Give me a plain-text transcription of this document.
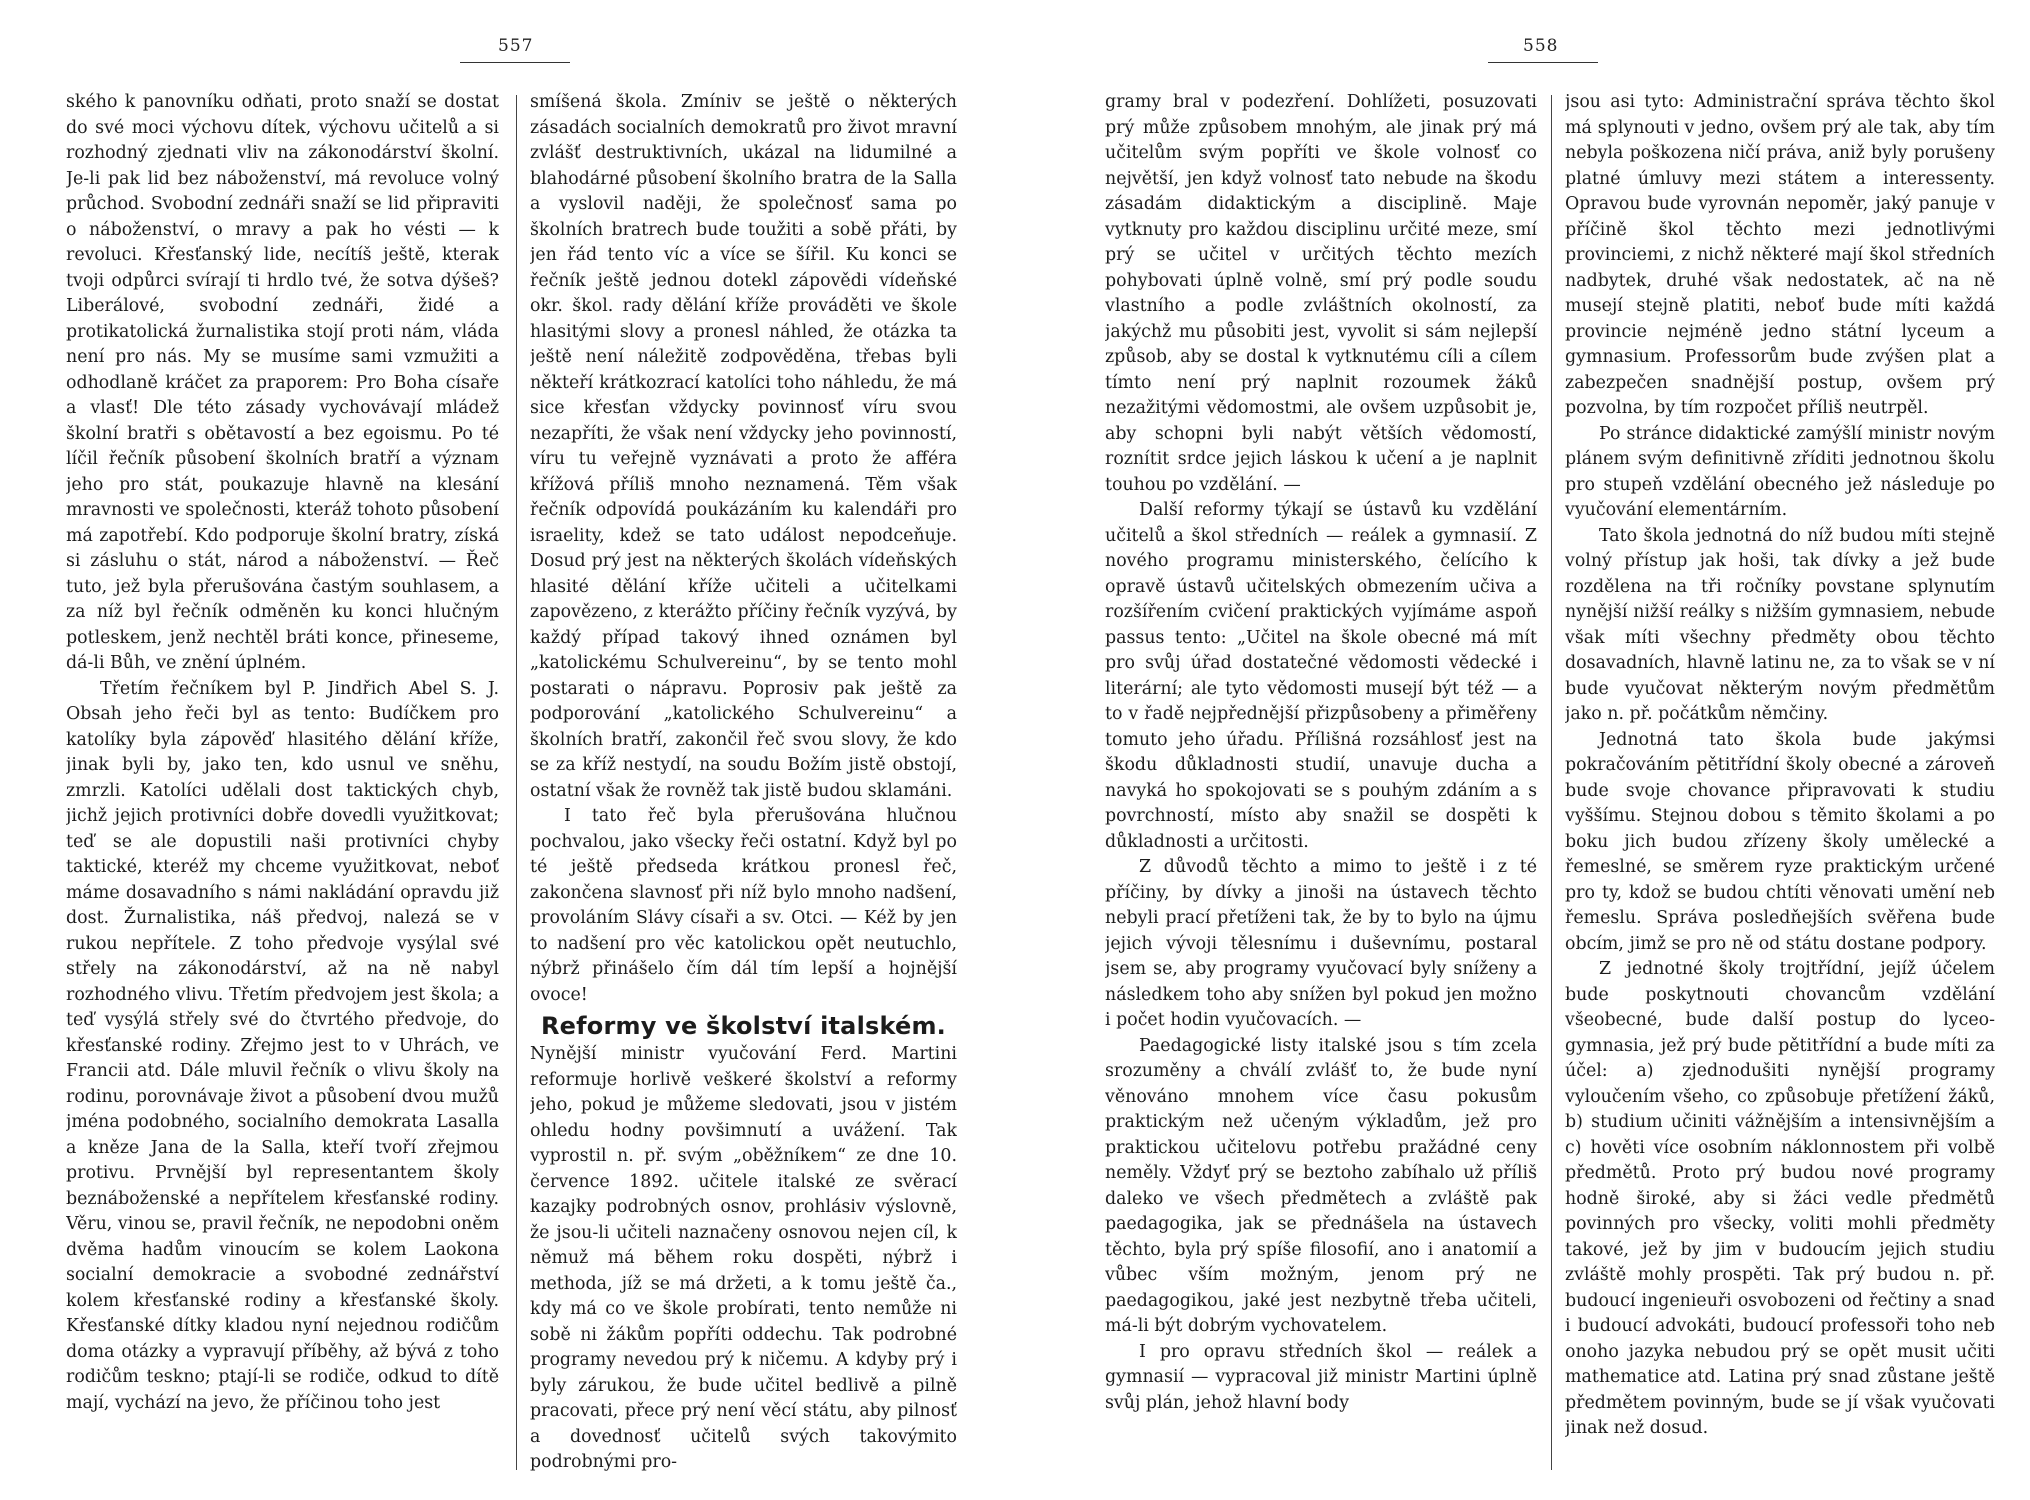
557

ského k panovníku odňati, proto snaží se dostat do své moci výchovu dítek, výchovu učitelů a si rozhodný zjednati vliv na zákonodárství školní. Je-li pak lid bez náboženství, má revoluce volný průchod. Svobodní zednáři snaží se lid připraviti o náboženství, o mravy a pak ho vésti — k revoluci. Křesťanský lide, necítíš ještě, kterak tvoji odpůrci svírají ti hrdlo tvé, že sotva dýšeš? Liberálové, svobodní zednáři, židé a protikatolická žurnalistika stojí proti nám, vláda není pro nás. My se musíme sami vzmužiti a odhodlaně kráčet za praporem: Pro Boha císaře a vlasť! Dle této zásady vychovávají mládež školní bratři s obětavostí a bez egoismu. Po té líčil řečník působení školních bratří a význam jeho pro stát, poukazuje hlavně na klesání mravnosti ve společnosti, kteráž tohoto působení má zapotřebí. Kdo podporuje školní bratry, získá si zásluhu o stát, národ a náboženství. — Řeč tuto, jež byla přerušována častým souhlasem, a za níž byl řečník odměněn ku konci hlučným potleskem, jenž nechtěl bráti konce, přineseme, dá-li Bůh, ve znění úplném.

Třetím řečníkem byl P. Jindřich Abel S. J. Obsah jeho řeči byl as tento: Budíčkem pro katolíky byla zápověď hlasitého dělání kříže, jinak byli by, jako ten, kdo usnul ve sněhu, zmrzli. Katolíci udělali dost taktických chyb, jichž jejich protivníci dobře dovedli využitkovat; teď se ale dopustili naši protivníci chyby taktické, kteréž my chceme využitkovat, neboť máme dosavadního s námi nakládání opravdu již dost. Žurnalistika, náš předvoj, nalezá se v rukou nepřítele. Z toho předvoje vysýlal své střely na zákonodárství, až na ně nabyl rozhodného vlivu. Třetím předvojem jest škola; a teď vysýlá střely své do čtvrtého předvoje, do křesťanské rodiny. Zřejmo jest to v Uhrách, ve Francii atd. Dále mluvil řečník o vlivu školy na rodinu, porovnávaje život a působení dvou mužů jména podobného, socialního demokrata Lasalla a kněze Jana de la Salla, kteří tvoří zřejmou protivu. Prvnější byl representantem školy beznáboženské a nepřítelem křesťanské rodiny. Věru, vinou se, pravil řečník, ne nepodobni oněm dvěma hadům vinoucím se kolem Laokona socialní demokracie a svobodné zednářství kolem křesťanské rodiny a křesťanské školy. Křesťanské dítky kladou nyní nejednou rodičům doma otázky a vypravují příběhy, až bývá z toho rodičům tesknо; ptají-li se rodiče, odkud to dítě mají, vychází na jevo, že příčinou toho jest

smíšená škola. Zmíniv se ještě o některých zásadách socialních demokratů pro život mravní zvlášť destruktivních, ukázal na lidumilné a blahodárné působení školního bratra de la Salla a vyslovil naději, že společnosť sama po školních bratrech bude toužiti a sobě přáti, by jen řád tento víc a více se šířil. Ku konci se řečník ještě jednou dotekl zápovědi vídeňské okr. škol. rady dělání kříže prováděti ve škole hlasitými slovy a pronesl náhled, že otázka ta ještě není náležitě zodpověděna, třebas byli někteří krátkozrací katolíci toho náhledu, že má sice křesťan vždycky povinnosť víru svou nezapříti, že však není vždycky jeho povinností, víru tu veřejně vyznávati a proto že afféra křížová příliš mnoho neznamená. Těm však řečník odpovídá poukázáním ku kalendáři pro israelity, kdež se tato událost nepodceňuje. Dosud prý jest na některých školách vídeňských hlasité dělání kříže učiteli a učitelkami zapovězeno, z kterážto příčiny řečník vyzývá, by každý případ takový ihned oznámen byl „katolickému Schulvereinu“, by se tento mohl postarati o nápravu. Poprosiv pak ještě za podporování „katolického Schulvereinu“ a školních bratří, zakončil řeč svou slovy, že kdo se za kříž nestydí, na soudu Božím jistě obstojí, ostatní však že rovněž tak jistě budou sklamáni.

I tato řeč byla přerušována hlučnou pochvalou, jako všecky řeči ostatní. Když byl po té ještě předseda krátkou pronesl řeč, zakončena slavnosť při níž bylo mnoho nadšení, provoláním Slávy císaři a sv. Otci. — Kéž by jen to nadšení pro věc katolickou opět neutuchlo, nýbrž přinášelo čím dál tím lepší a hojnější ovoce!

Reformy ve školství italském.

Nynější ministr vyučování Ferd. Martini reformuje horlivě veškeré školství a reformy jeho, pokud je můžeme sledovati, jsou v jistém ohledu hodny povšimnutí a uvážení. Tak vyprostil n. př. svým „oběžníkem“ ze dne 10. července 1892. učitele italské ze svěrací kazajky podrobných osnov, prohlásiv výslovně, že jsou-li učiteli naznačeny osnovou nejen cíl, k němuž má během roku dospěti, nýbrž i methoda, jíž se má držeti, a k tomu ještě ča., kdy má co ve škole probírati, tento nemůže ni sobě ni žákům popříti oddechu. Tak podrobné programy nevedou prý k ničemu. A kdyby prý i byly zárukou, že bude učitel bedlivě a pilně pracovati, přece prý není věcí státu, aby pilnosť a dovednosť učitelů svých takovýmito podrobnými pro-

558

gramy bral v podezření. Dohlížeti, posuzovati prý může způsobem mnohým, ale jinak prý má učitelům svým popříti ve škole volnosť co největší, jen když volnosť tato nebude na škodu zásadám didaktickým a disciplině. Maje vytknuty pro každou disciplinu určité meze, smí prý se učitel v určitých těchto mezích pohybovati úplně volně, smí prý podle soudu vlastního a podle zvláštních okolností, za jakýchž mu působiti jest, vyvolit si sám nejlepší způsob, aby se dostal k vytknutému cíli a cílem tímto není prý naplnit rozoumek žáků nezažitými vědomostmi, ale ovšem uzpůsobit je, aby schopni byli nabýt větších vědomostí, roznítit srdce jejich láskou k učení a je naplnit touhou po vzdělání. —

Další reformy týkají se ústavů ku vzdělání učitelů a škol středních — reálek a gymnasií. Z nového programu ministerského, čelícího k opravě ústavů učitelských obmezením učiva a rozšířením cvičení praktických vyjímáme aspoň passus tento: „Učitel na škole obecné má mít pro svůj úřad dostatečné vědomosti vědecké i literární; ale tyto vědomosti musejí být též — a to v řadě nejpřednější přizpůsobeny a přiměřeny tomuto jeho úřadu. Přílišná rozsáhlosť jest na škodu důkladnosti studií, unavuje ducha a navyká ho spokojovati se s pouhým zdáním a s povrchností, místo aby snažil se dospěti k důkladnosti a určitosti.

Z důvodů těchto a mimo to ještě i z té příčiny, by dívky a jinoši na ústavech těchto nebyli prací přetíženi tak, že by to bylo na újmu jejich vývoji tělesnímu i duševnímu, postaral jsem se, aby programy vyučovací byly sníženy a následkem toho aby snížen byl pokud jen možno i počet hodin vyučovacích. —

Paedagogické listy italské jsou s tím zcela srozuměny a chválí zvlášť to, že bude nyní věnováno mnohem více času pokusům praktickým než učeným výkladům, jež pro praktickou učitelovu potřebu pražádné ceny neměly. Vždyť prý se beztoho zabíhalo už příliš daleko ve všech předmětech a zvláště pak paedagogika, jak se přednášela na ústavech těchto, byla prý spíše filosofií, ano i anatomií a vůbec vším možným, jenom prý ne paedagogikou, jaké jest nezbytně třeba učiteli, má-li být dobrým vychovatelem.

I pro opravu středních škol — reálek a gymnasií — vypracoval již ministr Martini úplně svůj plán, jehož hlavní body

jsou asi tyto: Administrační správa těchto škol má splynouti v jedno, ovšem prý ale tak, aby tím nebyla poškozena ničí práva, aniž byly porušeny platné úmluvy mezi státem a interessenty. Opravou bude vyrovnán nepoměr, jaký panuje v příčině škol těchto mezi jednotlivými provinciemi, z nichž některé mají škol středních nadbytek, druhé však nedostatek, ač na ně musejí stejně platiti, neboť bude míti každá provincie nejméně jedno státní lyceum a gymnasium. Professorům bude zvýšen plat a zabezpečen snadnější postup, ovšem prý pozvolna, by tím rozpočet příliš neutrpěl.

Po stránce didaktické zamýšlí ministr novým plánem svým definitivně zříditi jednotnou školu pro stupeň vzdělání obecného jež následuje po vyučování elementárním.

Tato škola jednotná do níž budou míti stejně volný přístup jak hoši, tak dívky a jež bude rozdělena na tři ročníky povstane splynutím nynější nižší reálky s nižším gymnasiem, nebude však míti všechny předměty obou těchto dosavadních, hlavně latinu ne, za to však se v ní bude vyučovat některým novým předmětům jako n. př. počátkům němčiny.

Jednotná tato škola bude jakýmsi pokračováním pětitřídní školy obecné a zároveň bude svoje chovance připravovati k studiu vyššímu. Stejnou dobou s těmito školami a po boku jich budou zřízeny školy umělecké a řemeslné, se směrem ryze praktickým určené pro ty, kdož se budou chtíti věnovati umění neb řemeslu. Správa posledňejších svěřena bude obcím, jimž se pro ně od státu dostane podpory.

Z jednotné školy trojtřídní, jejíž účelem bude poskytnouti chovancům vzdělání všeobecné, bude další postup do lyceo-gymnasia, jež prý bude pětitřídní a bude míti za účel: a) zjednodušiti nynější programy vyloučením všeho, co způsobuje přetížení žáků, b) studium učiniti vážnějším a intensivnějším a c) hověti více osobním náklonnostem při volbě předmětů. Proto prý budou nové programy hodně široké, aby si žáci vedle předmětů povinných pro všecky, voliti mohli předměty takové, jež by jim v budoucím jejich studiu zvláště mohly prospěti. Tak prý budou n. př. budoucí ingenieuři osvobozeni od řečtiny a snad i budoucí advokáti, budoucí professoři toho neb onoho jazyka nebudou prý se opět musit učiti mathematice atd. Latina prý snad zůstane ještě předmětem povinným, bude se jí však vyučovati jinak než dosud.
